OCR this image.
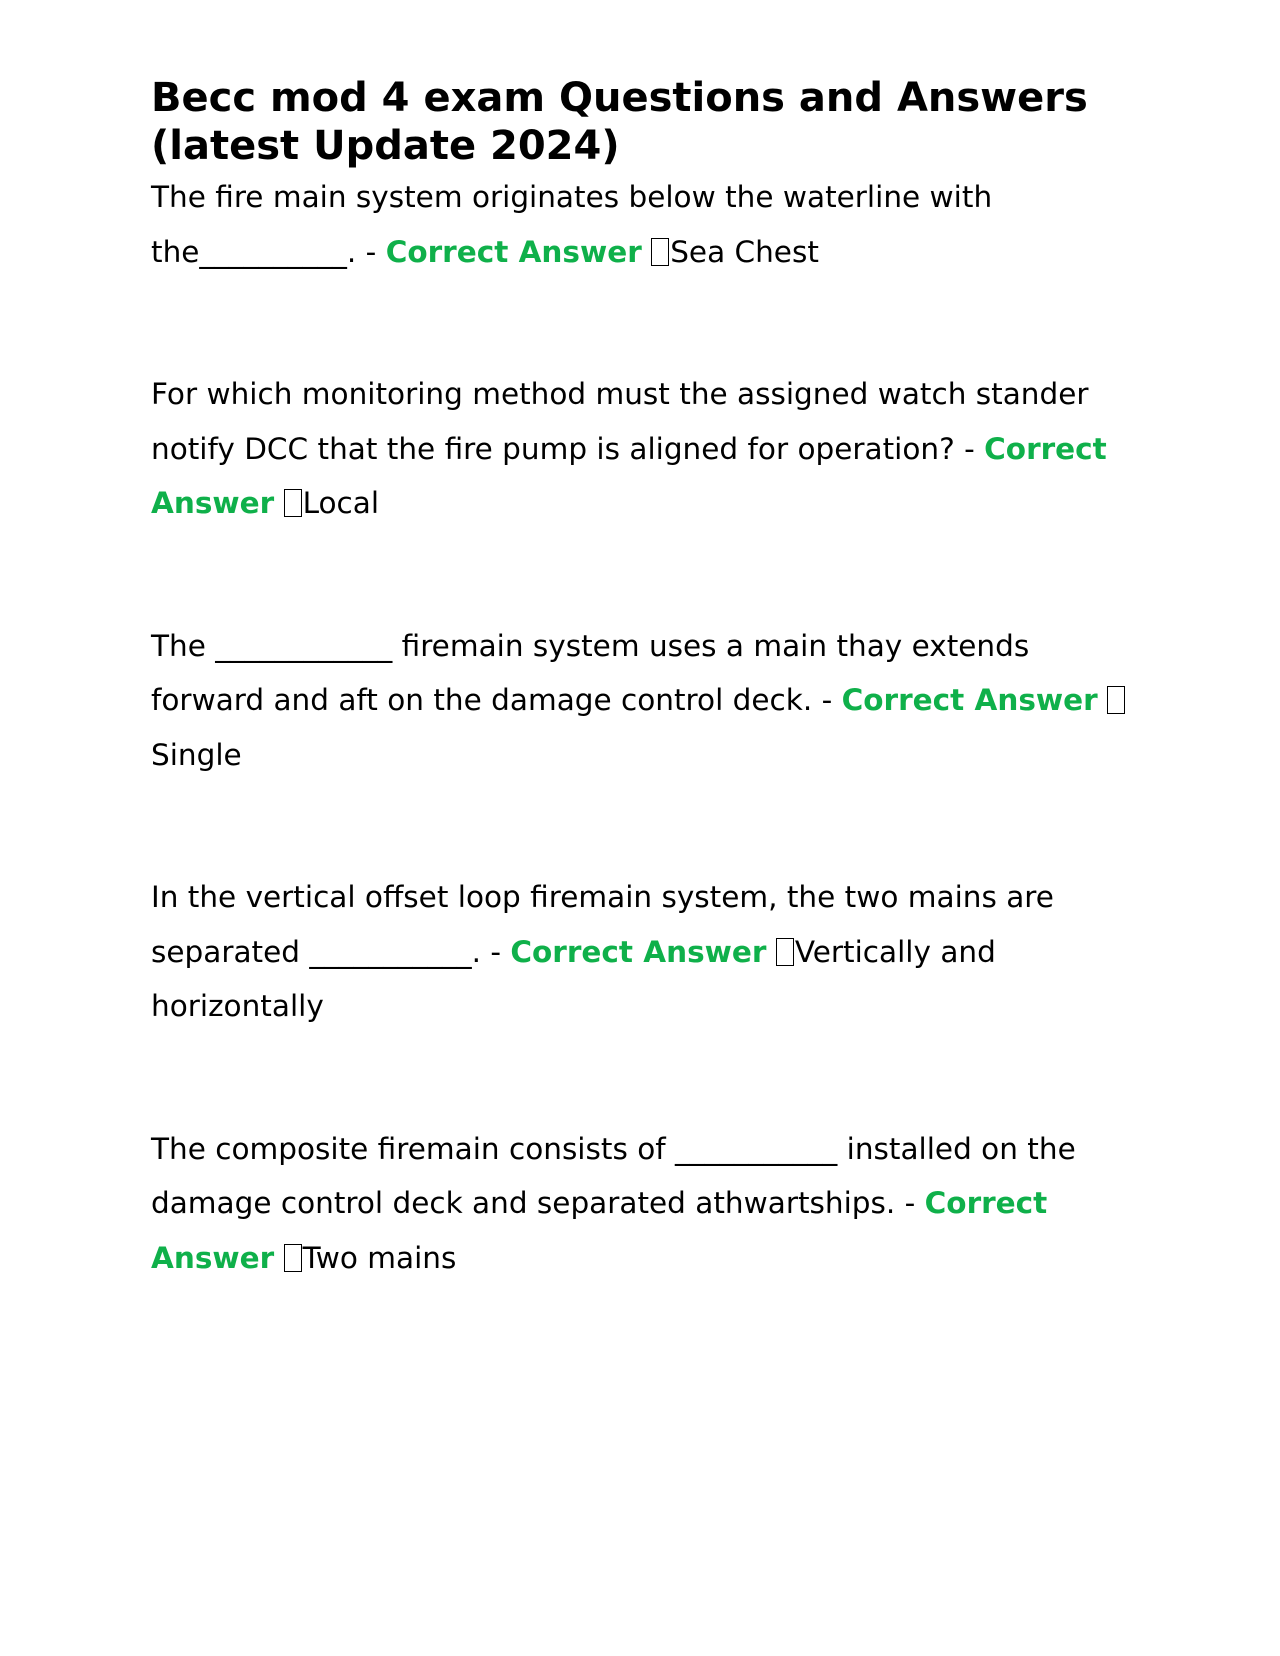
Becc mod 4 exam Questions and Answers (latest Update 2024)

The fire main system originates below the waterline with the__________. - Correct Answer Sea Chest

For which monitoring method must the assigned watch stander notify DCC that the fire pump is aligned for operation? - Correct Answer Local

The ____________ firemain system uses a main thay extends forward and aft on the damage control deck. - Correct Answer Single

In the vertical offset loop firemain system, the two mains are separated ___________. - Correct Answer Vertically and horizontally

The composite firemain consists of ___________ installed on the damage control deck and separated athwartships. - Correct Answer Two mains
